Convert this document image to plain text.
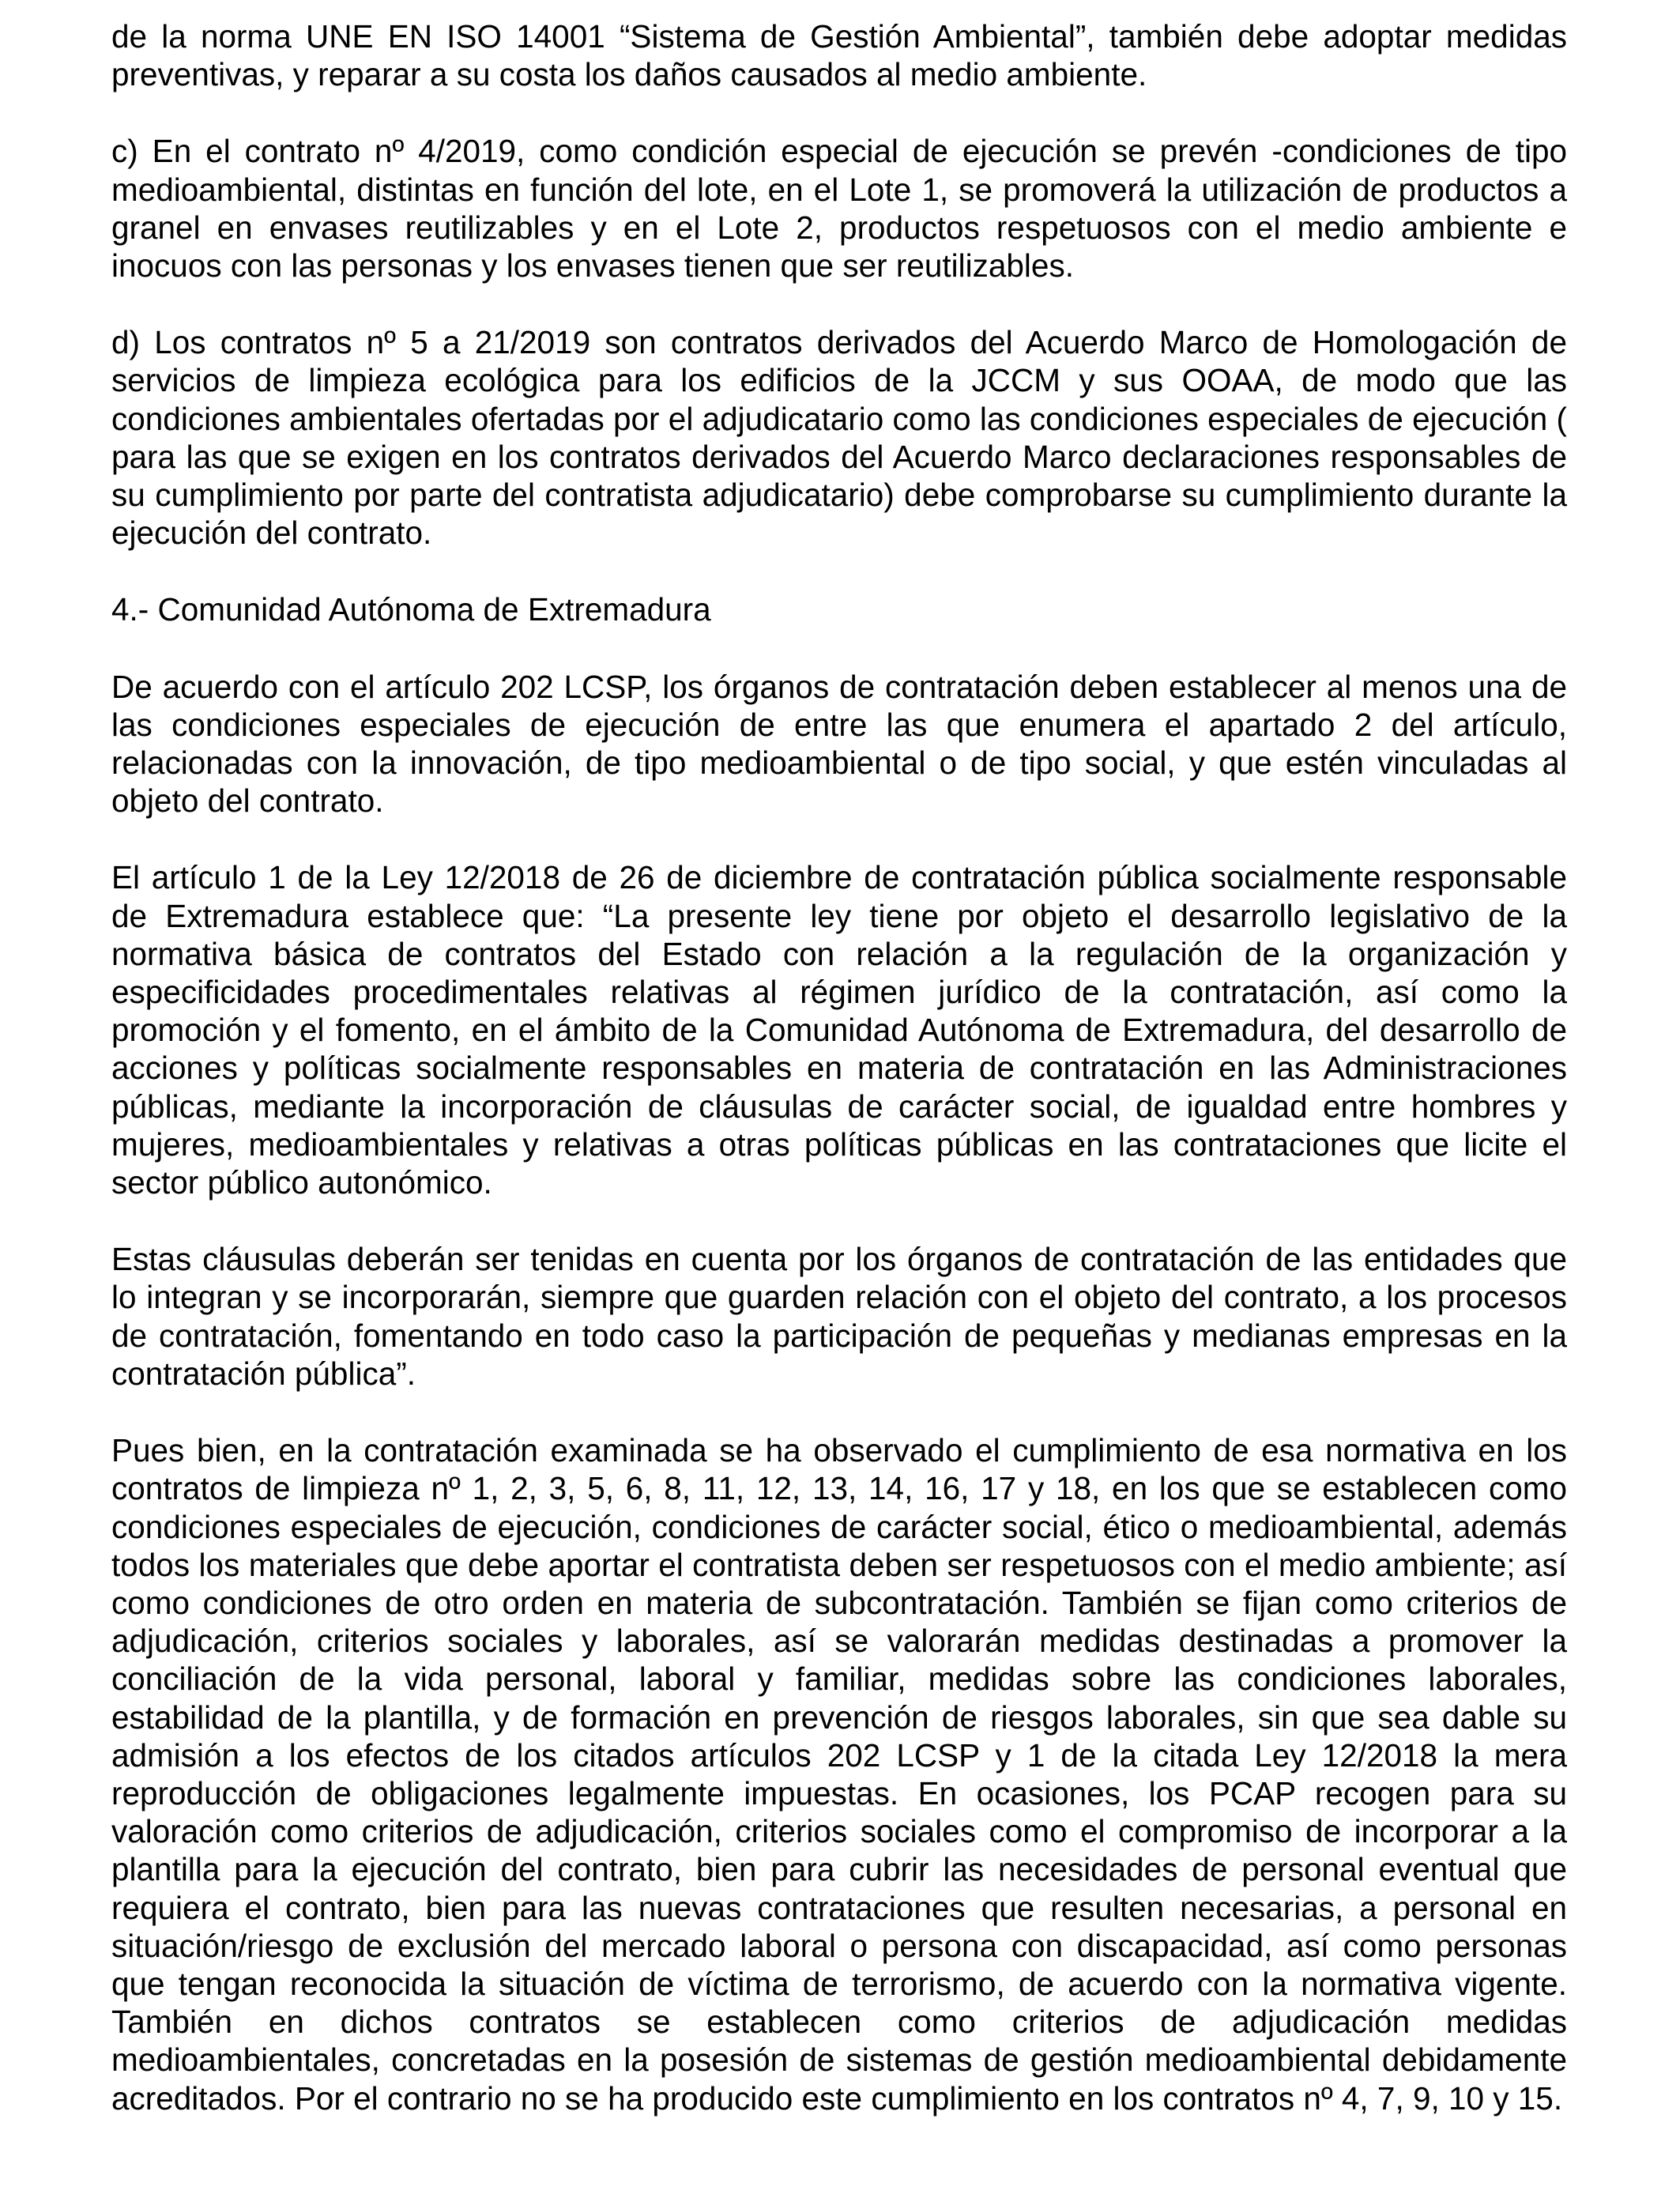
de la norma UNE EN ISO 14001 “Sistema de Gestión Ambiental”, también debe adoptar medidas preventivas, y reparar a su costa los daños causados al medio ambiente.

c) En el contrato nº 4/2019, como condición especial de ejecución se prevén -condiciones de tipo medioambiental, distintas en función del lote, en el Lote 1, se promoverá la utilización de productos a granel en envases reutilizables y en el Lote 2, productos respetuosos con el medio ambiente e inocuos con las personas y los envases tienen que ser reutilizables.

d) Los contratos nº 5 a 21/2019 son contratos derivados del Acuerdo Marco de Homologación de servicios de limpieza ecológica para los edificios de la JCCM y sus OOAA, de modo que las condiciones ambientales ofertadas por el adjudicatario como las condiciones especiales de ejecución ( para las que se exigen en los contratos derivados del Acuerdo Marco declaraciones responsables de su cumplimiento por parte del contratista adjudicatario) debe comprobarse su cumplimiento durante la ejecución del contrato.

4.- Comunidad Autónoma de Extremadura

De acuerdo con el artículo 202 LCSP, los órganos de contratación deben establecer al menos una de las condiciones especiales de ejecución de entre las que enumera el apartado 2 del artículo, relacionadas con la innovación, de tipo medioambiental o de tipo social, y que estén vinculadas al objeto del contrato.

El artículo 1 de la Ley 12/2018 de 26 de diciembre de contratación pública socialmente responsable de Extremadura establece que: “La presente ley tiene por objeto el desarrollo legislativo de la normativa básica de contratos del Estado con relación a la regulación de la organización y especificidades procedimentales relativas al régimen jurídico de la contratación, así como la promoción y el fomento, en el ámbito de la Comunidad Autónoma de Extremadura, del desarrollo de acciones y políticas socialmente responsables en materia de contratación en las Administraciones públicas, mediante la incorporación de cláusulas de carácter social, de igualdad entre hombres y mujeres, medioambientales y relativas a otras políticas públicas en las contrataciones que licite el sector público autonómico.

Estas cláusulas deberán ser tenidas en cuenta por los órganos de contratación de las entidades que lo integran y se incorporarán, siempre que guarden relación con el objeto del contrato, a los procesos de contratación, fomentando en todo caso la participación de pequeñas y medianas empresas en la contratación pública”.

Pues bien, en la contratación examinada se ha observado el cumplimiento de esa normativa en los contratos de limpieza nº 1, 2, 3, 5, 6, 8, 11, 12, 13, 14, 16, 17 y 18, en los que se establecen como condiciones especiales de ejecución, condiciones de carácter social, ético o medioambiental, además todos los materiales que debe aportar el contratista deben ser respetuosos con el medio ambiente; así como condiciones de otro orden en materia de subcontratación. También se fijan como criterios de adjudicación, criterios sociales y laborales, así se valorarán medidas destinadas a promover la conciliación de la vida personal, laboral y familiar, medidas sobre las condiciones laborales, estabilidad de la plantilla, y de formación en prevención de riesgos laborales, sin que sea dable su admisión a los efectos de los citados artículos 202 LCSP y 1 de la citada Ley 12/2018 la mera reproducción de obligaciones legalmente impuestas. En ocasiones, los PCAP recogen para su valoración como criterios de adjudicación, criterios sociales como el compromiso de incorporar a la plantilla para la ejecución del contrato, bien para cubrir las necesidades de personal eventual que requiera el contrato, bien para las nuevas contrataciones que resulten necesarias, a personal en situación/riesgo de exclusión del mercado laboral o persona con discapacidad, así como personas que tengan reconocida la situación de víctima de terrorismo, de acuerdo con la normativa vigente. También en dichos contratos se establecen como criterios de adjudicación medidas medioambientales, concretadas en la posesión de sistemas de gestión medioambiental debidamente acreditados. Por el contrario no se ha producido este cumplimiento en los contratos nº 4, 7, 9, 10 y 15.
